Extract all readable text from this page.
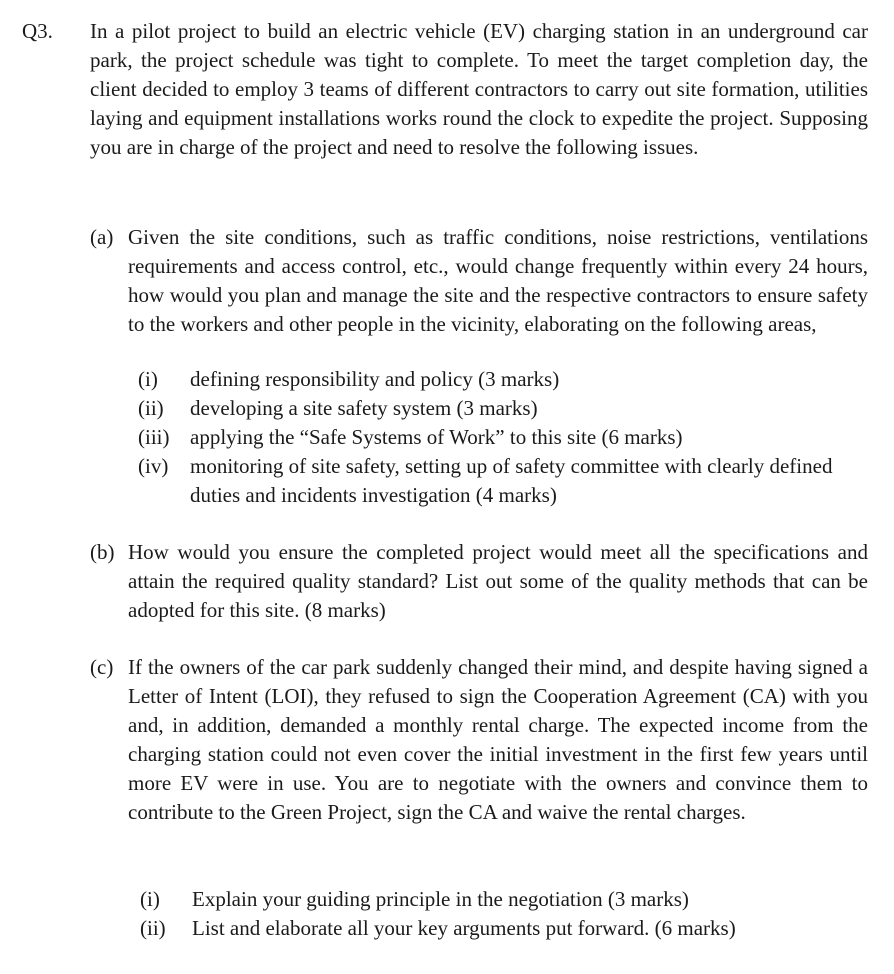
Q3. In a pilot project to build an electric vehicle (EV) charging station in an underground car park, the project schedule was tight to complete. To meet the target completion day, the client decided to employ 3 teams of different contractors to carry out site formation, utilities laying and equipment installations works round the clock to expedite the project. Supposing you are in charge of the project and need to resolve the following issues.

(a) Given the site conditions, such as traffic conditions, noise restrictions, ventilations requirements and access control, etc., would change frequently within every 24 hours, how would you plan and manage the site and the respective contractors to ensure safety to the workers and other people in the vicinity, elaborating on the following areas,
(i)	defining responsibility and policy (3 marks)
(ii)	developing a site safety system (3 marks)
(iii) applying the “Safe Systems of Work” to this site (6 marks)
(iv)	monitoring of site safety, setting up of safety committee with clearly defined duties and incidents investigation (4 marks)
(b) How would you ensure the completed project would meet all the specifications and attain the required quality standard? List out some of the quality methods that can be adopted for this site. (8 marks)
(c) If the owners of the car park suddenly changed their mind, and despite having signed a Letter of Intent (LOI), they refused to sign the Cooperation Agreement (CA) with you and, in addition, demanded a monthly rental charge. The expected income from the charging station could not even cover the initial investment in the first few years until more EV were in use. You are to negotiate with the owners and convince them to contribute to the Green Project, sign the CA and waive the rental charges.
(i)	Explain your guiding principle in the negotiation (3 marks)
(ii)	List and elaborate all your key arguments put forward. (6 marks)
